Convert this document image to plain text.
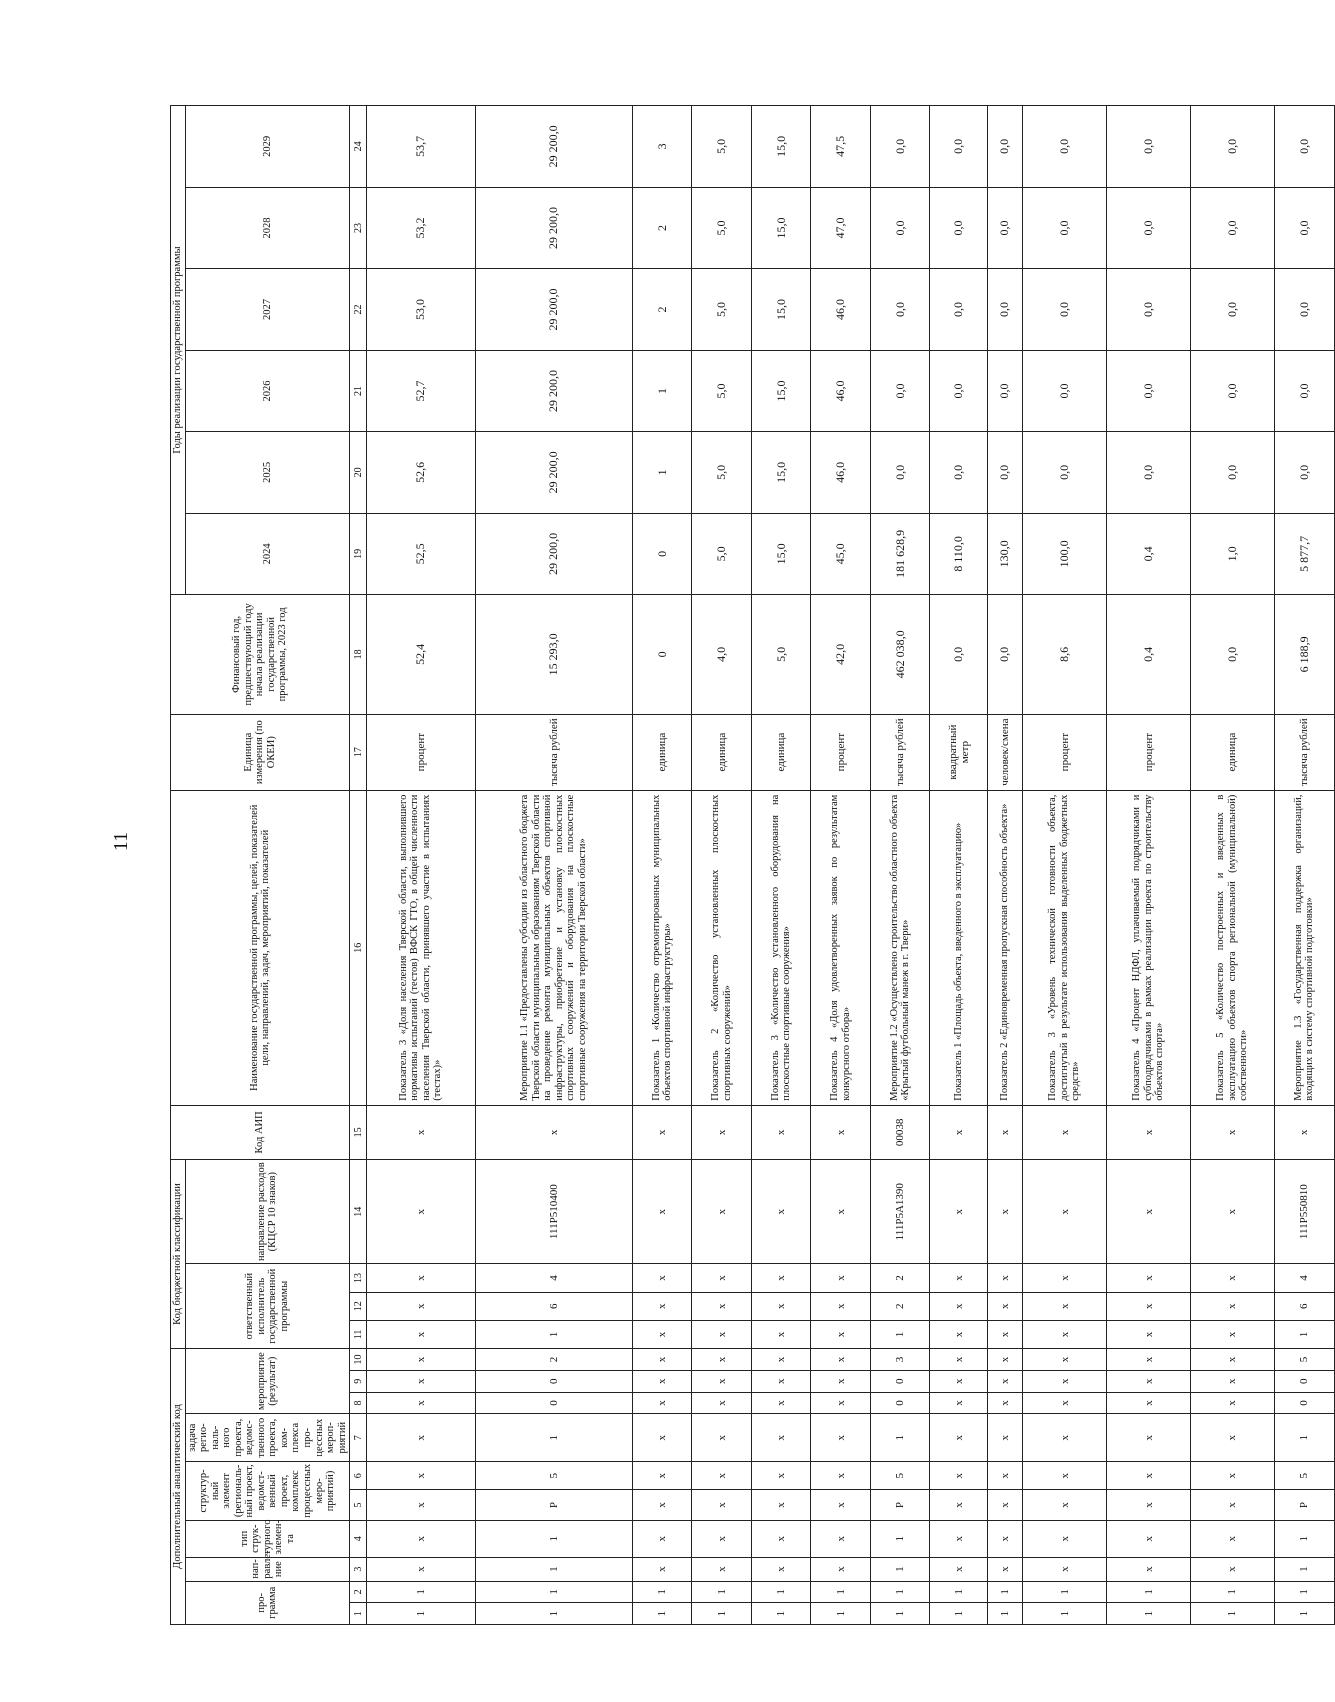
11
Дополнительный аналитический код										Код бюджетной классификации				Код АИП	Наименование государственной программы, целей, показателей цели, направлений, задач, мероприятий, показателей	Единица измерения (по ОКЕИ)	Финансовый год, предшествующий году начала реализации государственной программы, 2023 год	Годы реализации государственной программы					
про-грамма		нап-равле-ние	тип струк-турного элемен-та	структур-ный элемент (региональ-ный проект, ведомст-венный проект, комплекс процессных меро-приятий)		задача регио-наль-ного проекта, ведомс-твенного проекта, ком-плекса про-цессных мероп-риятий	мероприятие (результат)			ответственный исполнитель государственной программы			направление расходов (КЦСР 10 знаков)					2024	2025	2026	2027	2028	2029

1	2	3	4	5	6	7	8	9	10	11	12	13	14	15	16	17	18	19	20	21	22	23	24
1	1	х	х	х	х	х	х	х	х	х	х	х	х	х	Показатель 3 «Доля населения Тверской области, выполнившего нормативы испытаний (тестов) ВФСК ГТО, в общей численности населения Тверской области, принявшего участие в испытаниях (тестах)»	процент	52,4	52,5	52,6	52,7	53,0	53,2	53,7
1	1	1	1	Р	5	1	0	0	2	1	6	4	111Р510400	х	Мероприятие 1.1 «Предоставлены субсидии из областного бюджета Тверской области муниципальным образованиям Тверской области на проведение ремонта муниципальных объектов спортивной инфраструктуры, приобретение и установку плоскостных спортивных сооружений и оборудования на плоскостные спортивные сооружения на территории Тверской области»	тысяча рублей	15 293,0	29 200,0	29 200,0	29 200,0	29 200,0	29 200,0	29 200,0
1	1	х	х	х	х	х	х	х	х	х	х	х	х	х	Показатель 1 «Количество отремонтированных муниципальных объектов спортивной инфраструктуры»	единица	0	0	1	1	2	2	3
1	1	х	х	х	х	х	х	х	х	х	х	х	х	х	Показатель 2 «Количество установленных плоскостных спортивных сооружений»	единица	4,0	5,0	5,0	5,0	5,0	5,0	5,0
1	1	х	х	х	х	х	х	х	х	х	х	х	х	х	Показатель 3 «Количество установленного оборудования на плоскостные спортивные сооружения»	единица	5,0	15,0	15,0	15,0	15,0	15,0	15,0
1	1	х	х	х	х	х	х	х	х	х	х	х	х	х	Показатель 4 «Доля удовлетворенных заявок по результатам конкурсного отбора»	процент	42,0	45,0	46,0	46,0	46,0	47,0	47,5
1	1	1	1	Р	5	1	0	0	3	1	2	2	111Р5А1390	00038	Мероприятие 1.2 «Осуществлено строительство областного объекта «Крытый футбольный манеж в г. Твери»	тысяча рублей	462 038,0	181 628,9	0,0	0,0	0,0	0,0	0,0
1	1	х	х	х	х	х	х	х	х	х	х	х	х	х	Показатель 1 «Площадь объекта, введенного в эксплуатацию»	квадратный метр	0,0	8 110,0	0,0	0,0	0,0	0,0	0,0
1	1	х	х	х	х	х	х	х	х	х	х	х	х	х	Показатель 2 «Единовременная пропускная способность объекта»	человек/смена	0,0	130,0	0,0	0,0	0,0	0,0	0,0
1	1	х	х	х	х	х	х	х	х	х	х	х	х	х	Показатель 3 «Уровень технической готовности объекта, достигнутый в результате использования выделенных бюджетных средств»	процент	8,6	100,0	0,0	0,0	0,0	0,0	0,0
1	1	х	х	х	х	х	х	х	х	х	х	х	х	х	Показатель 4 «Процент НДФЛ, уплачиваемый подрядчиками и субподрядчиками в рамках реализации проекта по строительству объектов спорта»	процент	0,4	0,4	0,0	0,0	0,0	0,0	0,0
1	1	х	х	х	х	х	х	х	х	х	х	х	х	х	Показатель 5 «Количество построенных и введенных в эксплуатацию объектов спорта региональной (муниципальной) собственности»	единица	0,0	1,0	0,0	0,0	0,0	0,0	0,0
1	1	1	1	Р	5	1	0	0	5	1	6	4	111Р550810	х	Мероприятие 1.3 «Государственная поддержка организаций, входящих в систему спортивной подготовки»	тысяча рублей	6 188,9	5 877,7	0,0	0,0	0,0	0,0	0,0
